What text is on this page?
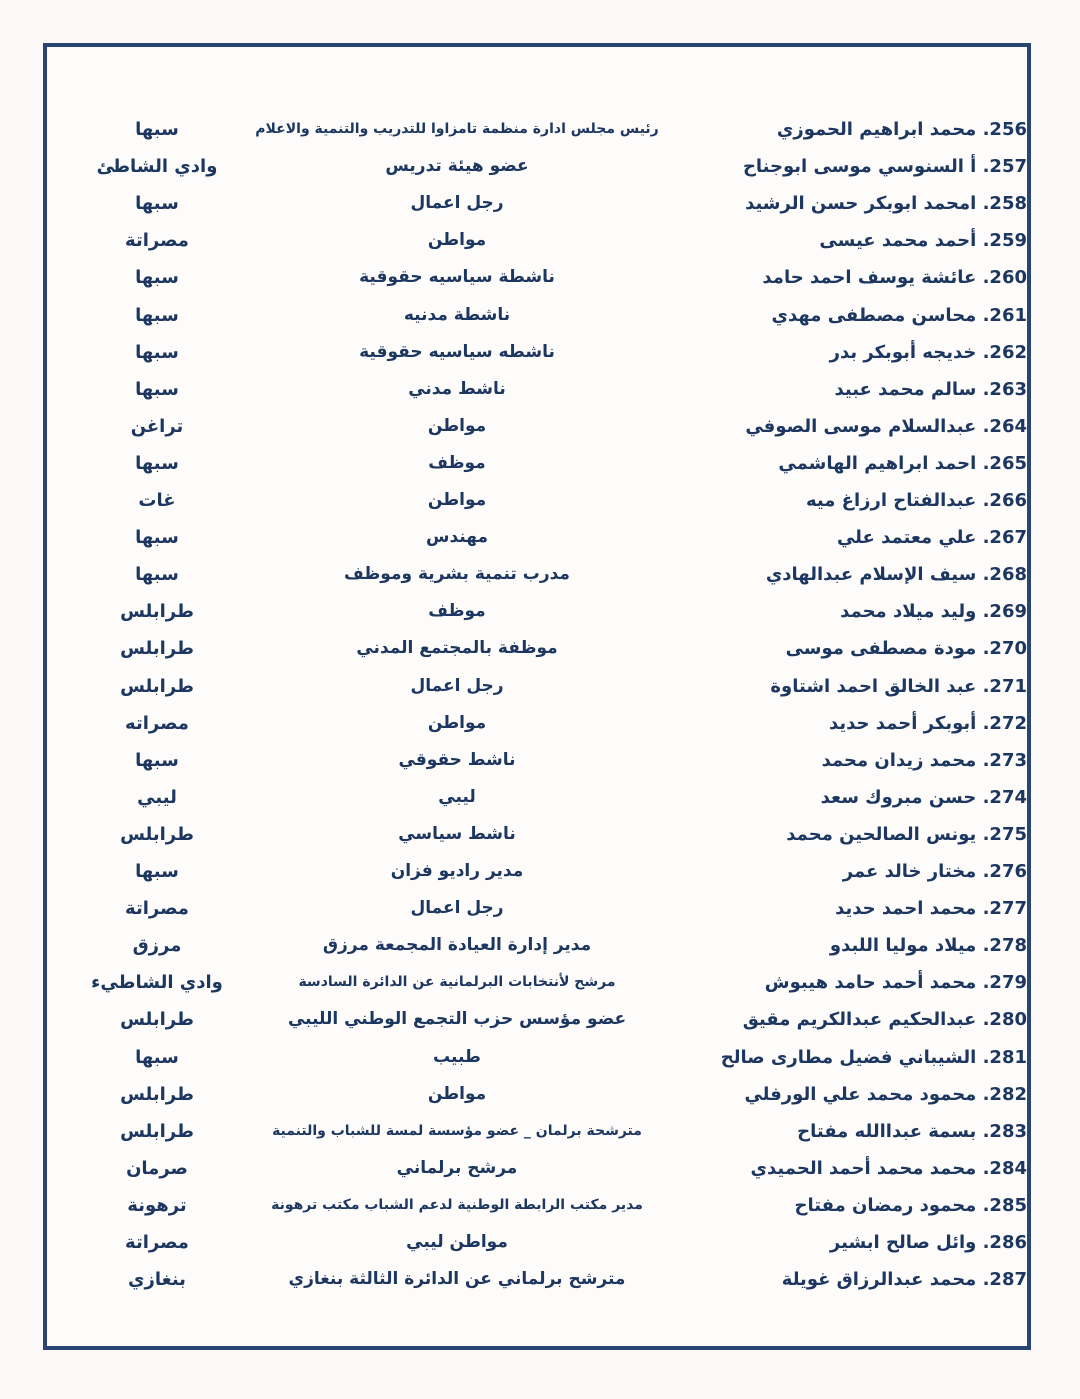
256. محمد ابراهيم الحموزي
رئيس مجلس ادارة منظمة تامزاوا للتدريب والتنمية والاعلام
سبها
257. أ السنوسي موسى ابوجناح
عضو هيئة تدريس
وادي الشاطئ
258. امحمد ابوبكر حسن الرشيد
رجل اعمال
سبها
259. أحمد محمد عيسى
مواطن
مصراتة
260. عائشة يوسف احمد حامد
ناشطة سياسيه حقوقية
سبها
261. محاسن مصطفى مهدي
ناشطة مدنيه
سبها
262. خديجه أبوبكر بدر
ناشطه سياسيه حقوقية
سبها
263. سالم محمد عبيد
ناشط مدني
سبها
264. عبدالسلام موسى الصوفي
مواطن
تراغن
265. احمد ابراهيم الهاشمي
موظف
سبها
266. عبدالفتاح ارزاغ ميه
مواطن
غات
267. علي معتمد علي
مهندس
سبها
268. سيف الإسلام عبدالهادي
مدرب تنمية بشرية وموظف
سبها
269. وليد ميلاد محمد
موظف
طرابلس
270. مودة مصطفى موسى
موظفة بالمجتمع المدني
طرابلس
271. عبد الخالق احمد اشتاوة
رجل اعمال
طرابلس
272. أبوبكر أحمد حديد
مواطن
مصراته
273. محمد زيدان محمد
ناشط حقوقي
سبها
274. حسن مبروك سعد
ليبي
ليبي
275. يونس الصالحين محمد
ناشط سياسي
طرابلس
276. مختار خالد عمر
مدير راديو فزان
سبها
277. محمد احمد حديد
رجل اعمال
مصراتة
278. ميلاد موليا اللبدو
مدير إدارة العيادة المجمعة مرزق
مرزق
279. محمد أحمد حامد هيبوش
مرشح لأنتخابات البرلمانية عن الدائرة السادسة
وادي الشاطيء
280. عبدالحكيم عبدالكريم مقيق
عضو مؤسس حزب التجمع الوطني الليبي
طرابلس
281. الشيباني فضيل مطارى صالح
طبيب
سبها
282. محمود محمد علي الورفلي
مواطن
طرابلس
283. بسمة عبداالله مفتاح
مترشحة برلمان _ عضو مؤسسة لمسة للشباب والتنمية
طرابلس
284. محمد محمد أحمد الحميدي
مرشح برلماني
صرمان
285. محمود رمضان مفتاح
مدير مكتب الرابطة الوطنية لدعم الشباب مكتب ترهونة
ترهونة
286. وائل صالح ابشير
مواطن ليبي
مصراتة
287. محمد عبدالرزاق غويلة
مترشح برلماني عن الدائرة الثالثة بنغازي
بنغازي
